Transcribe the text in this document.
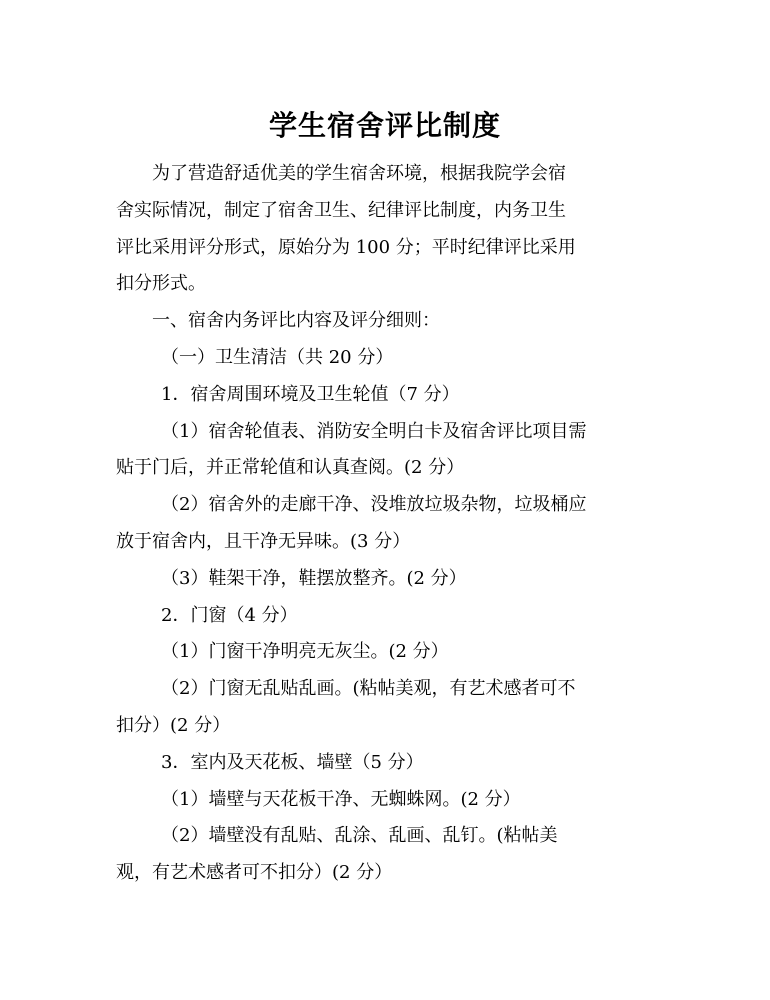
学生宿舍评比制度
为了营造舒适优美的学生宿舍环境，根据我院学会宿
舍实际情况，制定了宿舍卫生、纪律评比制度，内务卫生
评比采用评分形式，原始分为 100 分；平时纪律评比采用
扣分形式。
一、宿舍内务评比内容及评分细则：
（一）卫生清洁（共 20 分）
1．宿舍周围环境及卫生轮值（7 分）
（1）宿舍轮值表、消防安全明白卡及宿舍评比项目需
贴于门后，并正常轮值和认真查阅。(2 分）
（2）宿舍外的走廊干净、没堆放垃圾杂物，垃圾桶应
放于宿舍内，且干净无异味。(3 分）
（3）鞋架干净，鞋摆放整齐。(2 分）
2．门窗（4 分）
（1）门窗干净明亮无灰尘。(2 分）
（2）门窗无乱贴乱画。(粘帖美观，有艺术感者可不
扣分）(2 分）
3．室内及天花板、墙壁（5 分）
（1）墙壁与天花板干净、无蜘蛛网。(2 分）
（2）墙壁没有乱贴、乱涂、乱画、乱钉。(粘帖美
观，有艺术感者可不扣分）(2 分）
